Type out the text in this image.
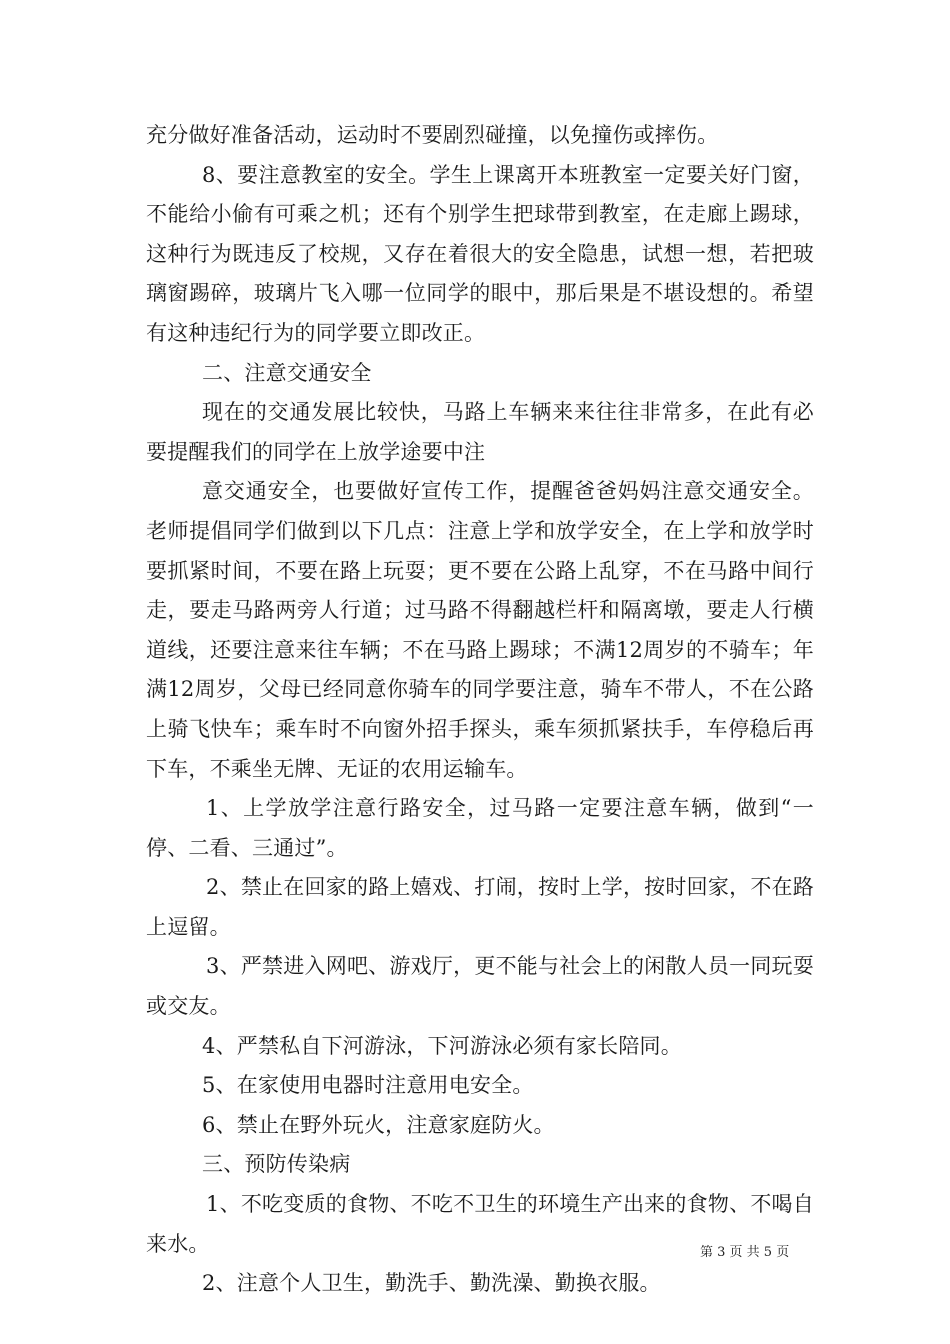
充分做好准备活动，运动时不要剧烈碰撞，以免撞伤或摔伤。

8、要注意教室的安全。学生上课离开本班教室一定要关好门窗，不能给小偷有可乘之机；还有个别学生把球带到教室，在走廊上踢球，这种行为既违反了校规，又存在着很大的安全隐患，试想一想，若把玻璃窗踢碎，玻璃片飞入哪一位同学的眼中，那后果是不堪设想的。希望有这种违纪行为的同学要立即改正。

二、注意交通安全

现在的交通发展比较快，马路上车辆来来往往非常多，在此有必要提醒我们的同学在上放学途要中注

意交通安全，也要做好宣传工作，提醒爸爸妈妈注意交通安全。老师提倡同学们做到以下几点：注意上学和放学安全，在上学和放学时要抓紧时间，不要在路上玩耍；更不要在公路上乱穿，不在马路中间行走，要走马路两旁人行道；过马路不得翻越栏杆和隔离墩，要走人行横道线，还要注意来往车辆；不在马路上踢球；不满12周岁的不骑车；年满12周岁，父母已经同意你骑车的同学要注意，骑车不带人，不在公路上骑飞快车；乘车时不向窗外招手探头，乘车须抓紧扶手，车停稳后再下车，不乘坐无牌、无证的农用运输车。

1、上学放学注意行路安全，过马路一定要注意车辆，做到“一停、二看、三通过”。

2、禁止在回家的路上嬉戏、打闹，按时上学，按时回家，不在路上逗留。

3、严禁进入网吧、游戏厅，更不能与社会上的闲散人员一同玩耍或交友。

4、严禁私自下河游泳，下河游泳必须有家长陪同。

5、在家使用电器时注意用电安全。

6、禁止在野外玩火，注意家庭防火。

三、预防传染病

1、不吃变质的食物、不吃不卫生的环境生产出来的食物、不喝自来水。

2、注意个人卫生，勤洗手、勤洗澡、勤换衣服。

第 3 页 共 5 页
